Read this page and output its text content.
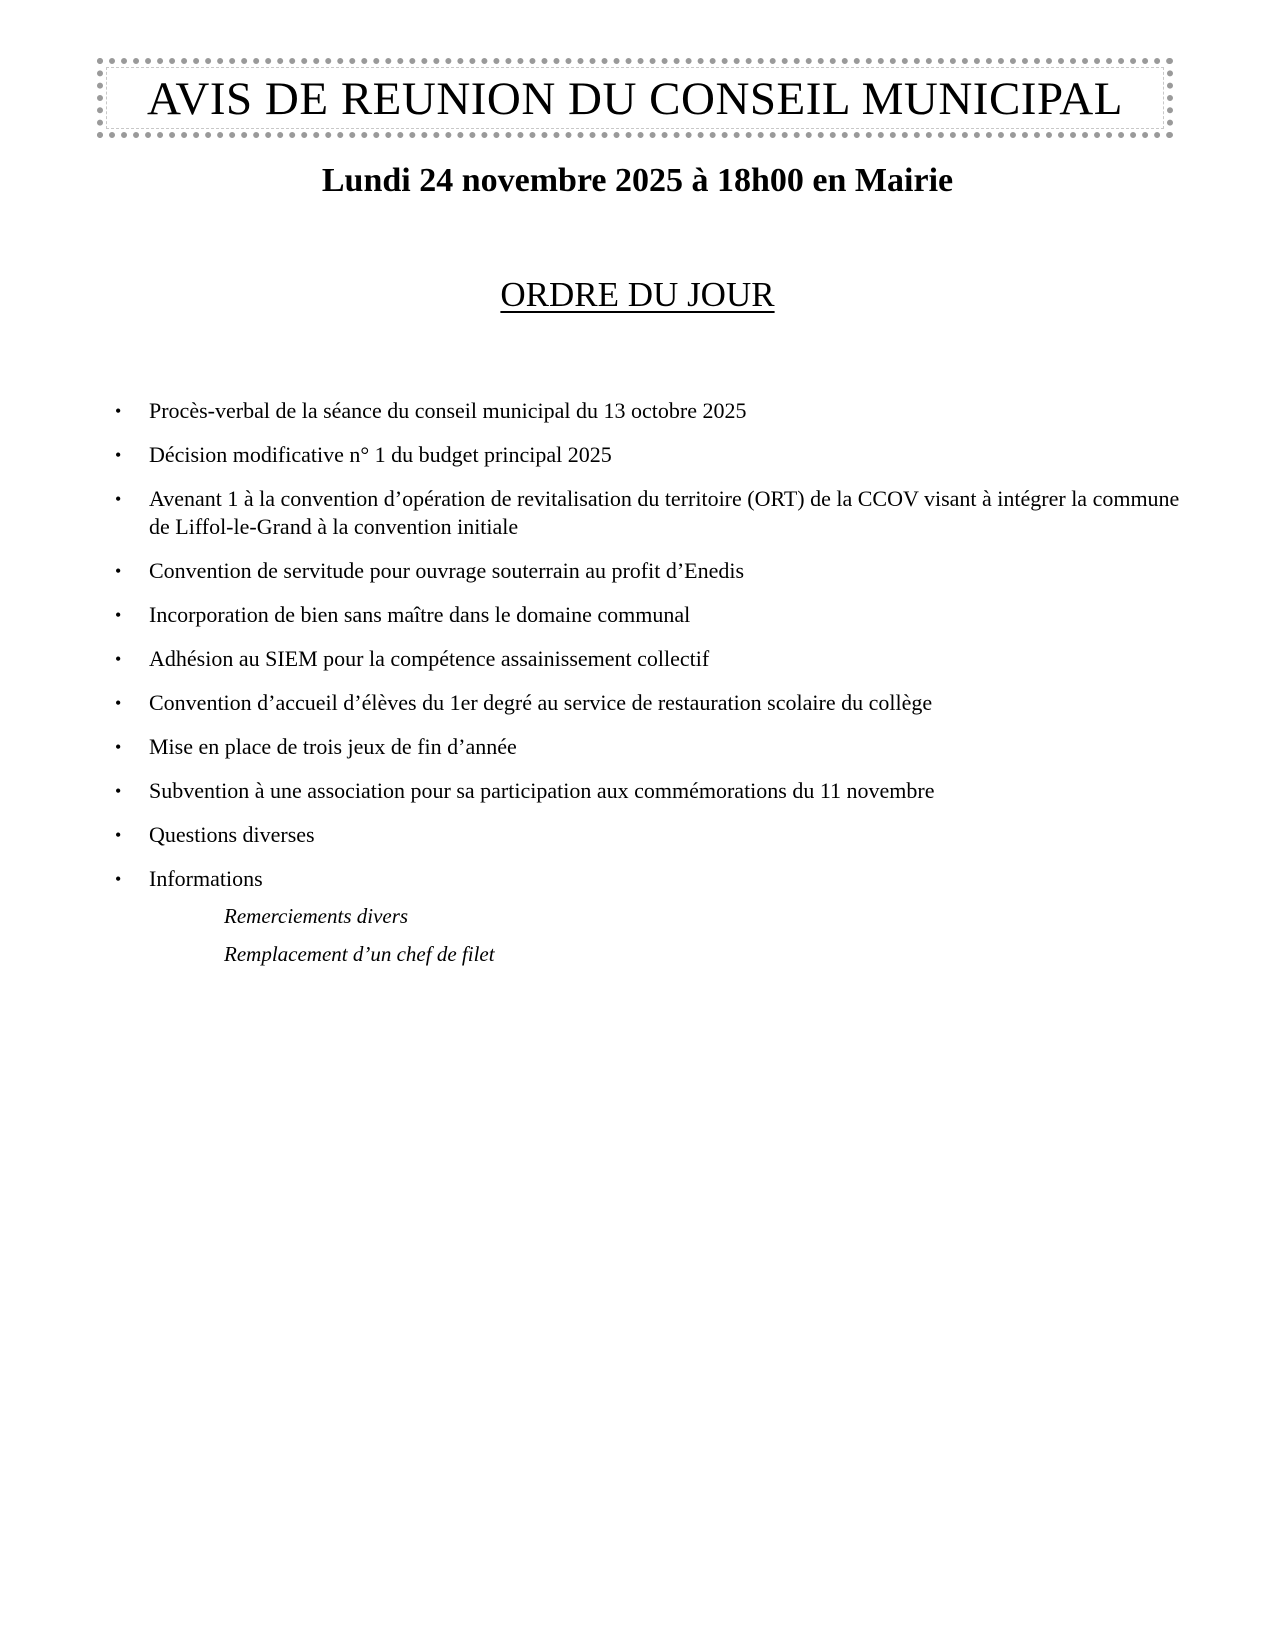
AVIS DE REUNION DU CONSEIL MUNICIPAL
Lundi 24 novembre 2025 à 18h00 en Mairie
ORDRE DU JOUR
• Procès-verbal de la séance du conseil municipal du 13 octobre 2025
• Décision modificative n° 1 du budget principal 2025
• Avenant 1 à la convention d’opération de revitalisation du territoire (ORT) de la CCOV visant à intégrer la commune de Liffol-le-Grand à la convention initiale
• Convention de servitude pour ouvrage souterrain au profit d’Enedis
• Incorporation de bien sans maître dans le domaine communal
• Adhésion au SIEM pour la compétence assainissement collectif
• Convention d’accueil d’élèves du 1er degré au service de restauration scolaire du collège
• Mise en place de trois jeux de fin d’année
• Subvention à une association pour sa participation aux commémorations du 11 novembre
• Questions diverses
• Informations
Remerciements divers
Remplacement d’un chef de filet
